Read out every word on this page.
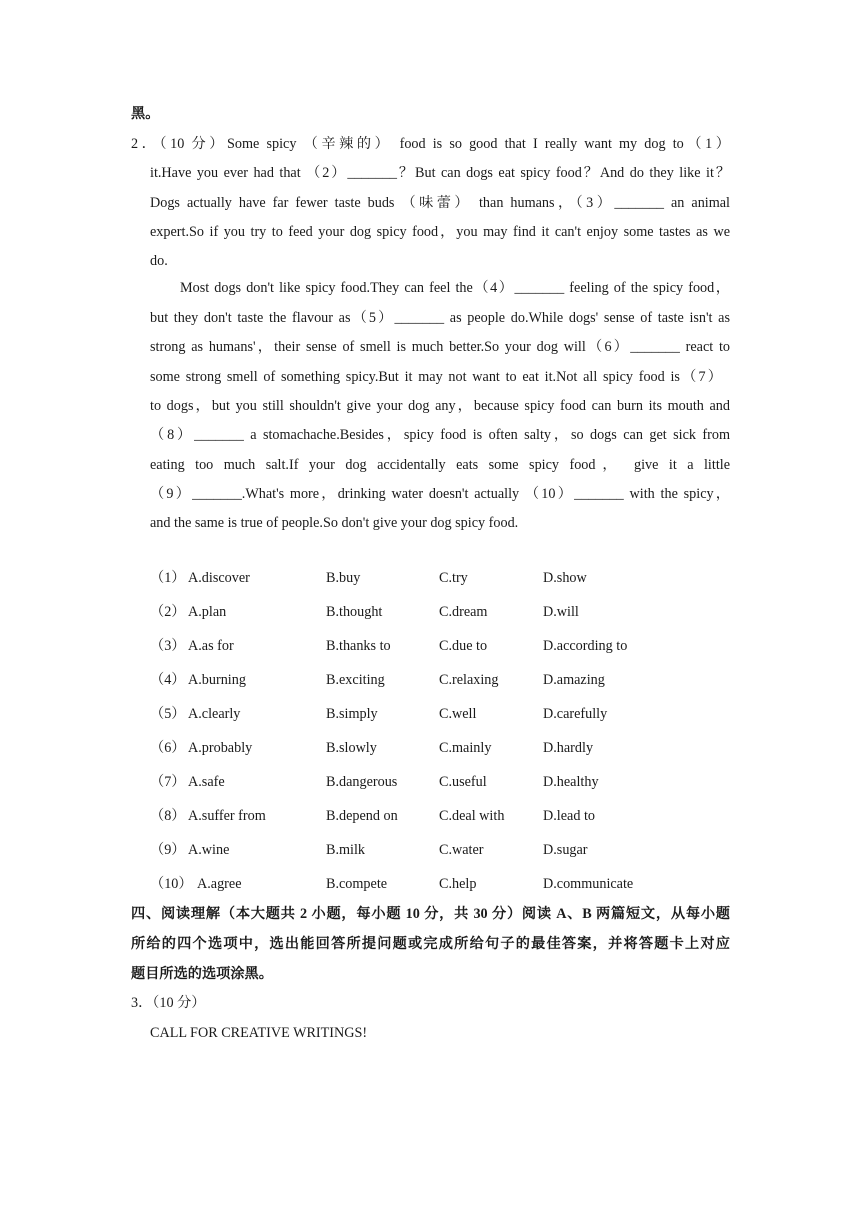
黑。
2．（10 分）Some spicy （辛辣的） food is so good that I really want my dog to（1）
it.Have you ever had that （2）_______？But can dogs eat spicy food？And do they like it？
Dogs actually have far fewer taste buds （味蕾） than humans，（3）_______ an animal
expert.So if you try to feed your dog spicy food，you may find it can't enjoy some tastes as we
do.
Most dogs don't like spicy food.They can feel the（4）_______ feeling of the spicy food，
but they don't taste the flavour as（5）_______ as people do.While dogs' sense of taste isn't as
strong as humans'，their sense of smell is much better.So your dog will（6）_______ react to
some strong smell of something spicy.But it may not want to eat it.Not all spicy food is（7）
to dogs，but you still shouldn't give your dog any，because spicy food can burn its mouth and
（8）_______ a stomachache.Besides，spicy food is often salty，so dogs can get sick from
eating too much salt.If your dog accidentally eats some spicy food， give it a little
（9）_______.What's more，drinking water doesn't actually （10）_______ with the spicy，
and the same is true of people.So don't give your dog spicy food.
（1） A.discover	B.buy	C.try	D.show
（2） A.plan	B.thought	C.dream	D.will
（3） A.as for	B.thanks to	C.due to	D.according to
（4） A.burning	B.exciting	C.relaxing	D.amazing
（5） A.clearly	B.simply	C.well	D.carefully
（6） A.probably	B.slowly	C.mainly	D.hardly
（7） A.safe	B.dangerous	C.useful	D.healthy
（8） A.suffer from	B.depend on	C.deal with	D.lead to
（9） A.wine	B.milk	C.water	D.sugar
（10） A.agree	B.compete	C.help	D.communicate
四、阅读理解（本大题共 2 小题，每小题 10 分，共 30 分）阅读 A、B 两篇短文，从每小题
所给的四个选项中，选出能回答所提问题或完成所给句子的最佳答案，并将答题卡上对应
题目所选的选项涂黑。
3．（10 分）
CALL FOR CREATIVE WRITINGS!
